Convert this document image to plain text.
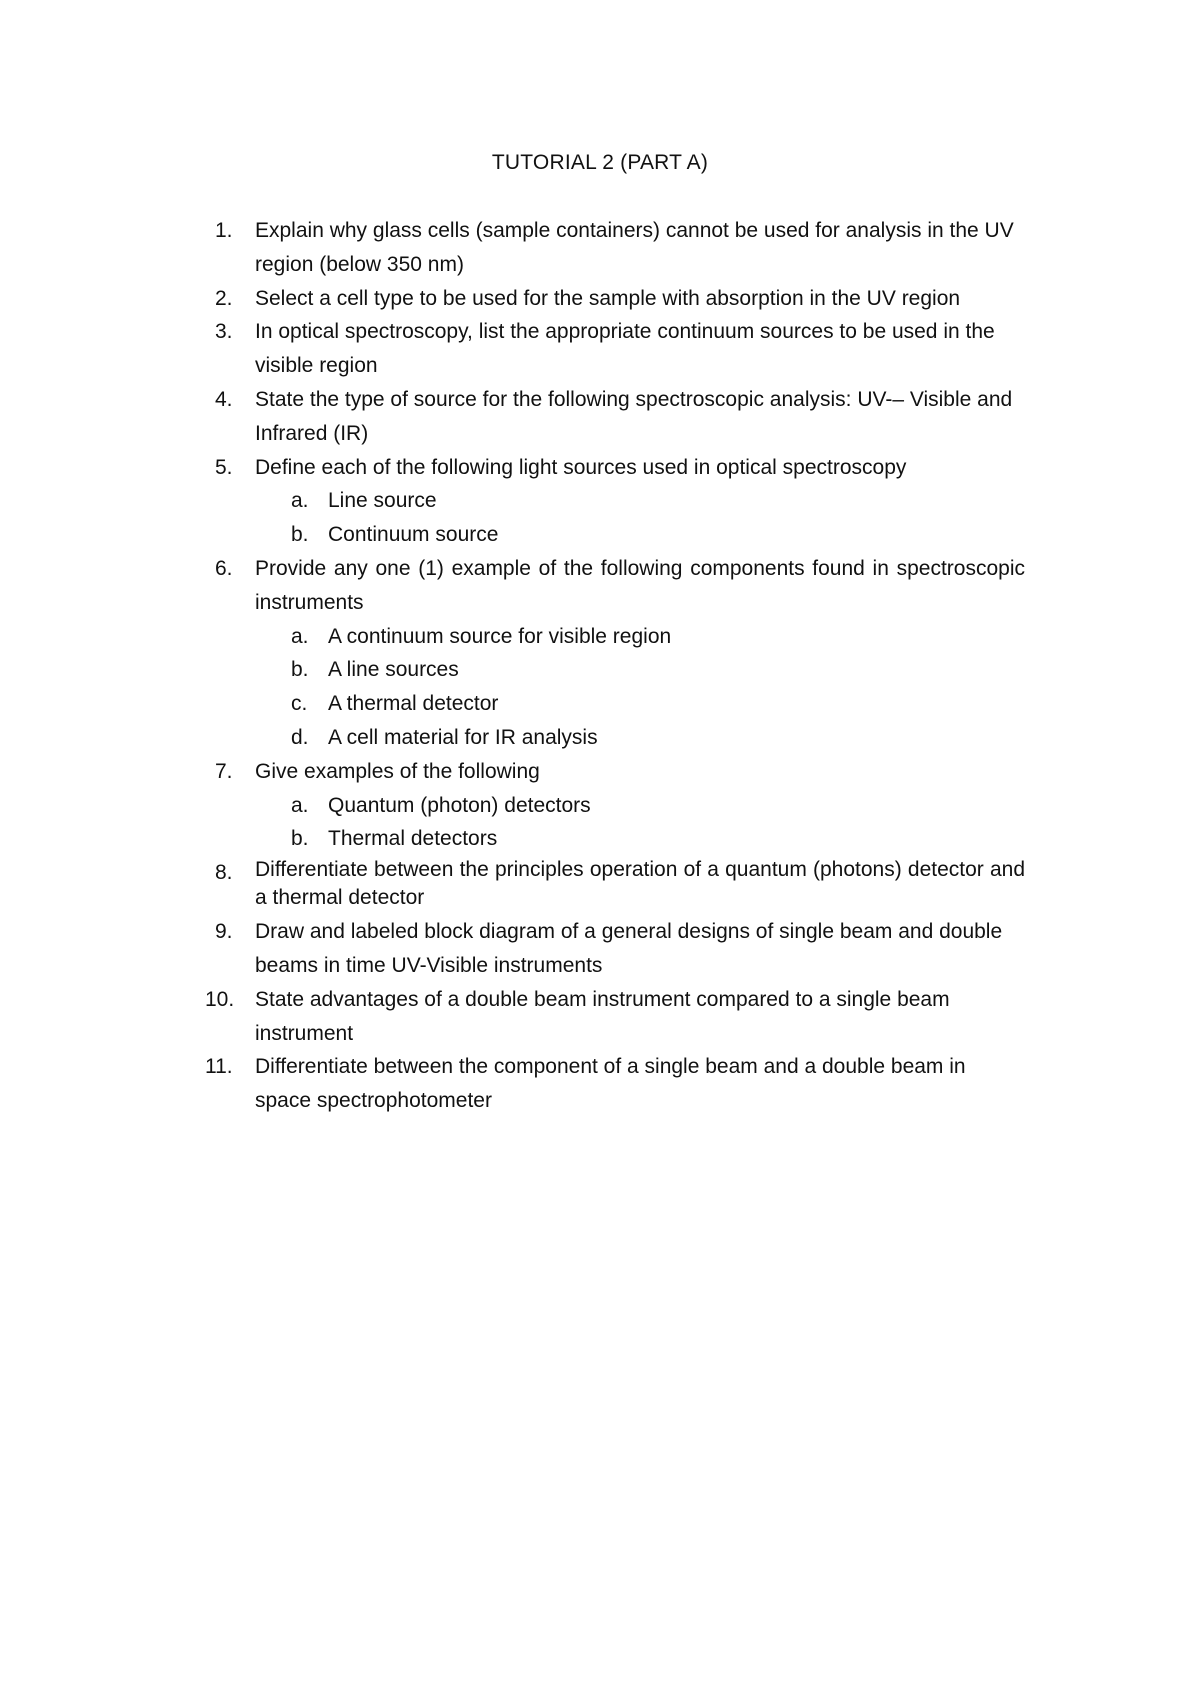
TUTORIAL 2 (PART A)
1. Explain why glass cells (sample containers) cannot be used for analysis in the UV region (below 350 nm)
2. Select a cell type to be used for the sample with absorption in the UV region
3. In optical spectroscopy, list the appropriate continuum sources to be used in the visible region
4. State the type of source for the following spectroscopic analysis: UV-– Visible and Infrared (IR)
5. Define each of the following light sources used in optical spectroscopy
a. Line source
b. Continuum source
6. Provide any one (1) example of the following components found in spectroscopic instruments
a. A continuum source for visible region
b. A line sources
c. A thermal detector
d. A cell material for IR analysis
7. Give examples of the following
a. Quantum (photon) detectors
b. Thermal detectors
8. Differentiate between the principles operation of a quantum (photons) detector and a thermal detector
9. Draw and labeled block diagram of a general designs of single beam and double beams in time UV-Visible instruments
10. State advantages of a double beam instrument compared to a single beam instrument
11. Differentiate between the component of a single beam and a double beam in space spectrophotometer
